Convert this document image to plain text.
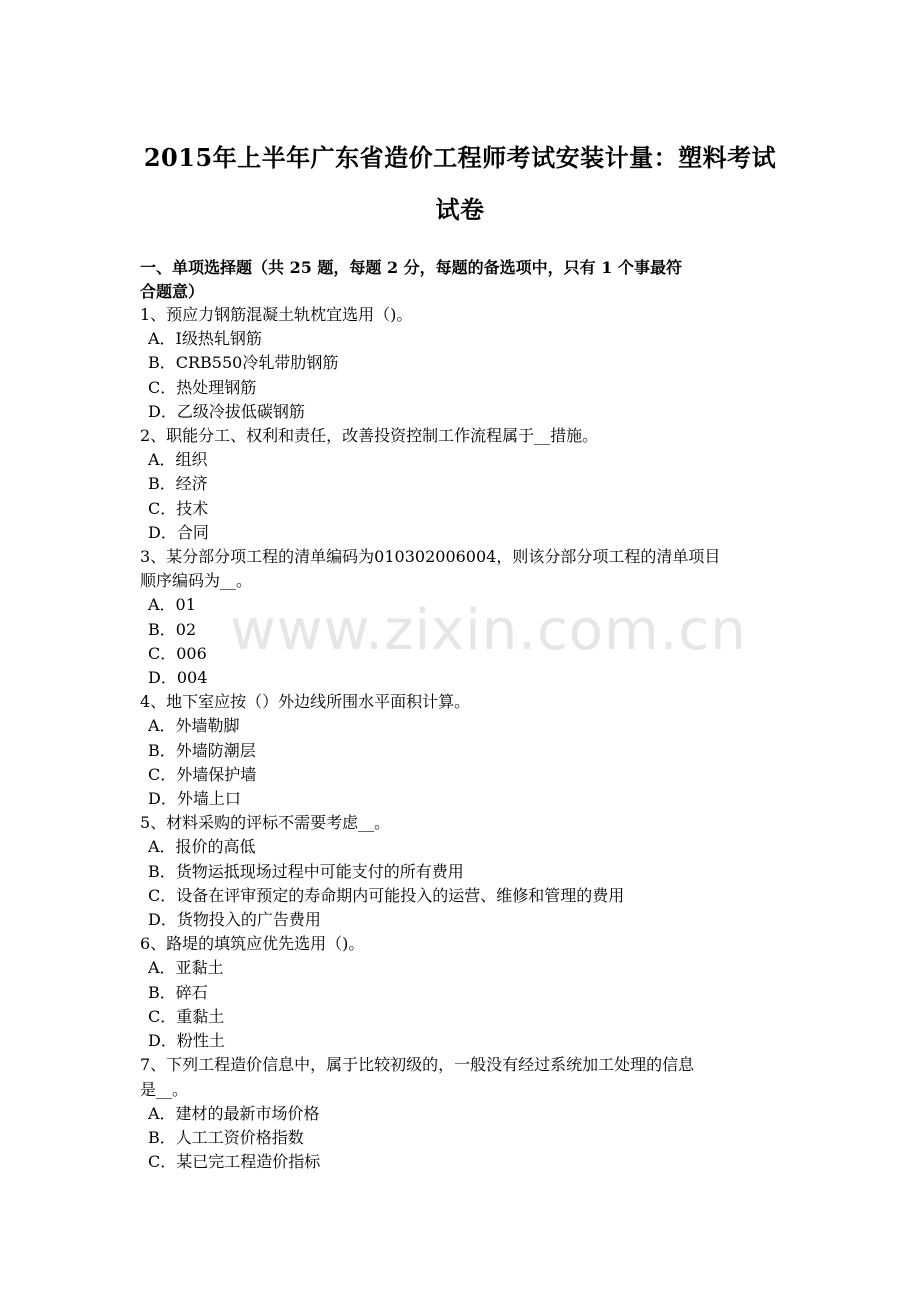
www.zixin.com.cn
2015年上半年广东省造价工程师考试安装计量：塑料考试
试卷
一、单项选择题（共 25 题，每题 2 分，每题的备选项中，只有 1 个事最符
合题意）
1、预应力钢筋混凝土轨枕宜选用（)。
A．Ⅰ级热轧钢筋
B．CRB550冷轧带肋钢筋
C．热处理钢筋
D．乙级冷拔低碳钢筋
2、职能分工、权利和责任，改善投资控制工作流程属于__措施。
A．组织
B．经济
C．技术
D．合同
3、某分部分项工程的清单编码为010302006004，则该分部分项工程的清单项目
顺序编码为__。
A．01
B．02
C．006
D．004
4、地下室应按（）外边线所围水平面积计算。
A．外墙勒脚
B．外墙防潮层
C．外墙保护墙
D．外墙上口
5、材料采购的评标不需要考虑__。
A．报价的高低
B．货物运抵现场过程中可能支付的所有费用
C．设备在评审预定的寿命期内可能投入的运营、维修和管理的费用
D．货物投入的广告费用
6、路堤的填筑应优先选用（)。
A．亚黏土
B．碎石
C．重黏土
D．粉性土
7、下列工程造价信息中，属于比较初级的，一般没有经过系统加工处理的信息
是__。
A．建材的最新市场价格
B．人工工资价格指数
C．某已完工程造价指标
